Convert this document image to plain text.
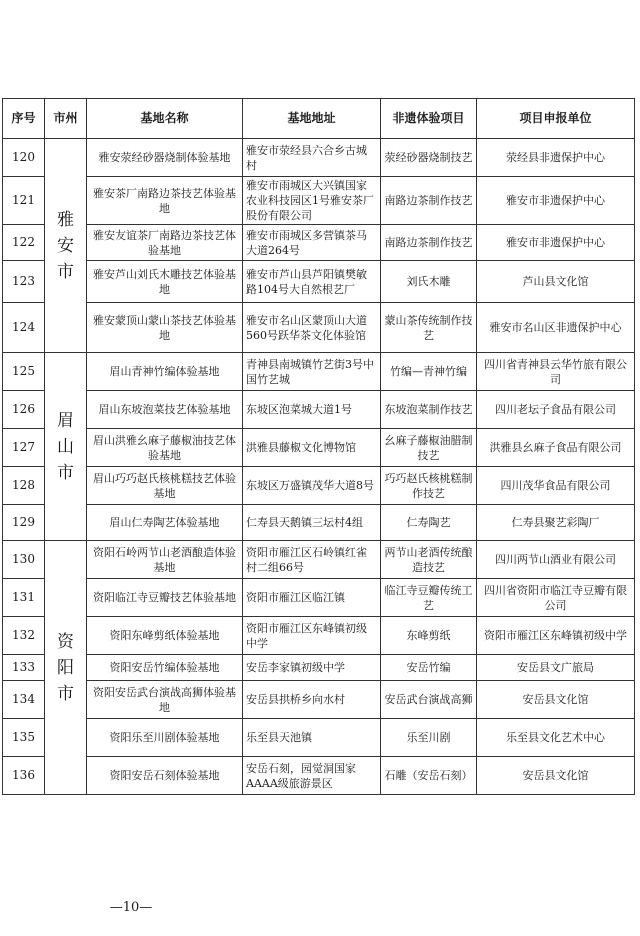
序号	市州	基地名称	基地地址	非遗体验项目	项目申报单位
120	雅安市	雅安荥经砂器烧制体验基地	雅安市荥经县六合乡古城村	荥经砂器烧制技艺	荥经县非遗保护中心
121		雅安茶厂南路边茶技艺体验基地	雅安市雨城区大兴镇国家农业科技园区1号雅安茶厂股份有限公司	南路边茶制作技艺	雅安市非遗保护中心
122		雅安友谊茶厂南路边茶技艺体验基地	雅安市雨城区多营镇茶马大道264号	南路边茶制作技艺	雅安市非遗保护中心
123		雅安芦山刘氏木雕技艺体验基地	雅安市芦山县芦阳镇樊敏路104号大自然根艺厂	刘氏木雕	芦山县文化馆
124		雅安蒙顶山蒙山茶技艺体验基地	雅安市名山区蒙顶山大道560号跃华茶文化体验馆	蒙山茶传统制作技艺	雅安市名山区非遗保护中心
125	眉山市	眉山青神竹编体验基地	青神县南城镇竹艺街3号中国竹艺城	竹编—青神竹编	四川省青神县云华竹旅有限公司
126		眉山东坡泡菜技艺体验基地	东坡区泡菜城大道1号	东坡泡菜制作技艺	四川老坛子食品有限公司
127		眉山洪雅幺麻子藤椒油技艺体验基地	洪雅县藤椒文化博物馆	幺麻子藤椒油腊制技艺	洪雅县幺麻子食品有限公司
128		眉山巧巧赵氏核桃糕技艺体验基地	东坡区万盛镇茂华大道8号	巧巧赵氏核桃糕制作技艺	四川茂华食品有限公司
129		眉山仁寿陶艺体验基地	仁寿县天鹅镇三坛村4组	仁寿陶艺	仁寿县聚艺彩陶厂
130	资阳市	资阳石岭两节山老酒酿造体验基地	资阳市雁江区石岭镇红雀村二组66号	两节山老酒传统酿造技艺	四川两节山酒业有限公司
131		资阳临江寺豆瓣技艺体验基地	资阳市雁江区临江镇	临江寺豆瓣传统工艺	四川省资阳市临江寺豆瓣有限公司
132		资阳东峰剪纸体验基地	资阳市雁江区东峰镇初级中学	东峰剪纸	资阳市雁江区东峰镇初级中学
133		资阳安岳竹编体验基地	安岳李家镇初级中学	安岳竹编	安岳县文广旅局
134		资阳安岳武台演战高狮体验基地	安岳县拱桥乡向水村	安岳武台演战高狮	安岳县文化馆
135		资阳乐至川剧体验基地	乐至县天池镇	乐至川剧	乐至县文化艺术中心
136		资阳安岳石刻体验基地	安岳石刻，园觉洞国家AAAA级旅游景区	石雕（安岳石刻）	安岳县文化馆
—10—
